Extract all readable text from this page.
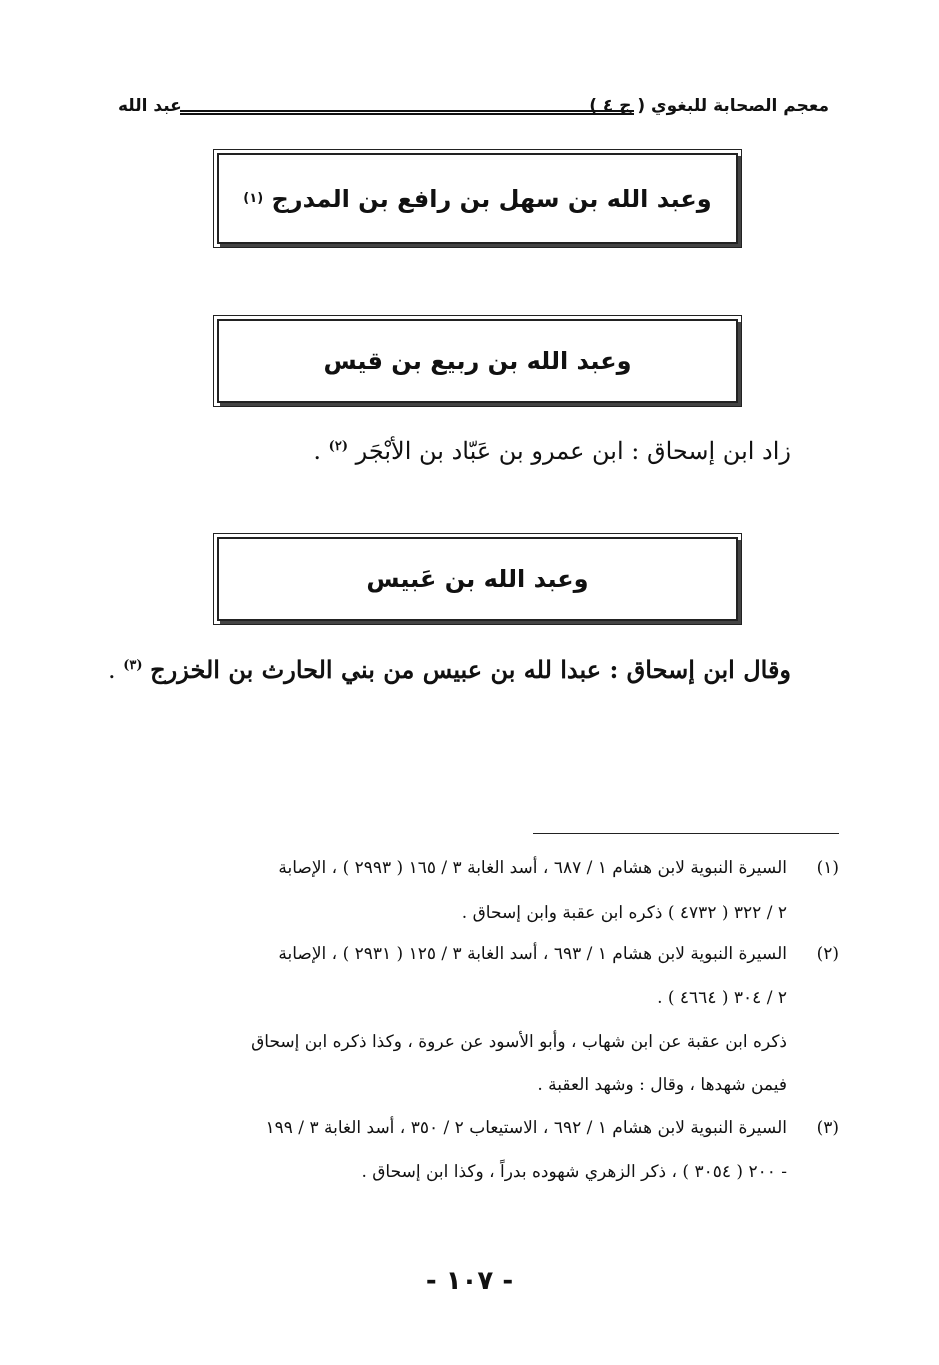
معجم الصحابة للبغوي ( ج ٤ )
عبد الله
وعبد الله بن سهل بن رافع بن المدرج

(١)
وعبد الله بن ربيع بن قيس
زاد ابن إسحاق : ابن عمرو بن عَبّاد بن الأبْجَر $^{(٢)}$ .
وعبد الله بن عَبيس
وقال ابن إسحاق : عبدا لله بن عبيس من بني الحارث بن الخزرج $^{(٣)}$ .
(١)
السيرة النبوية لابن هشام ١ / ٦٨٧ ، أسد الغابة ٣ / ١٦٥ ( ٢٩٩٣ ) ، الإصابة
٢ / ٣٢٢ ( ٤٧٣٢ ) ذكره ابن عقبة وابن إسحاق .
(٢)
السيرة النبوية لابن هشام ١ / ٦٩٣ ، أسد الغابة ٣ / ١٢٥ ( ٢٩٣١ ) ، الإصابة
٢ / ٣٠٤ ( ٤٦٦٤ ) .
ذكره ابن عقبة عن ابن شهاب ، وأبو الأسود عن عروة ، وكذا ذكره ابن إسحاق
فيمن شهدها ، وقال : وشهد العقبة .
(٣)
السيرة النبوية لابن هشام ١ / ٦٩٢ ، الاستيعاب ٢ / ٣٥٠ ، أسد الغابة ٣ / ١٩٩
- ٢٠٠ ( ٣٠٥٤ ) ، ذكر الزهري شهوده بدراً ، وكذا ابن إسحاق .
- ١٠٧ -
